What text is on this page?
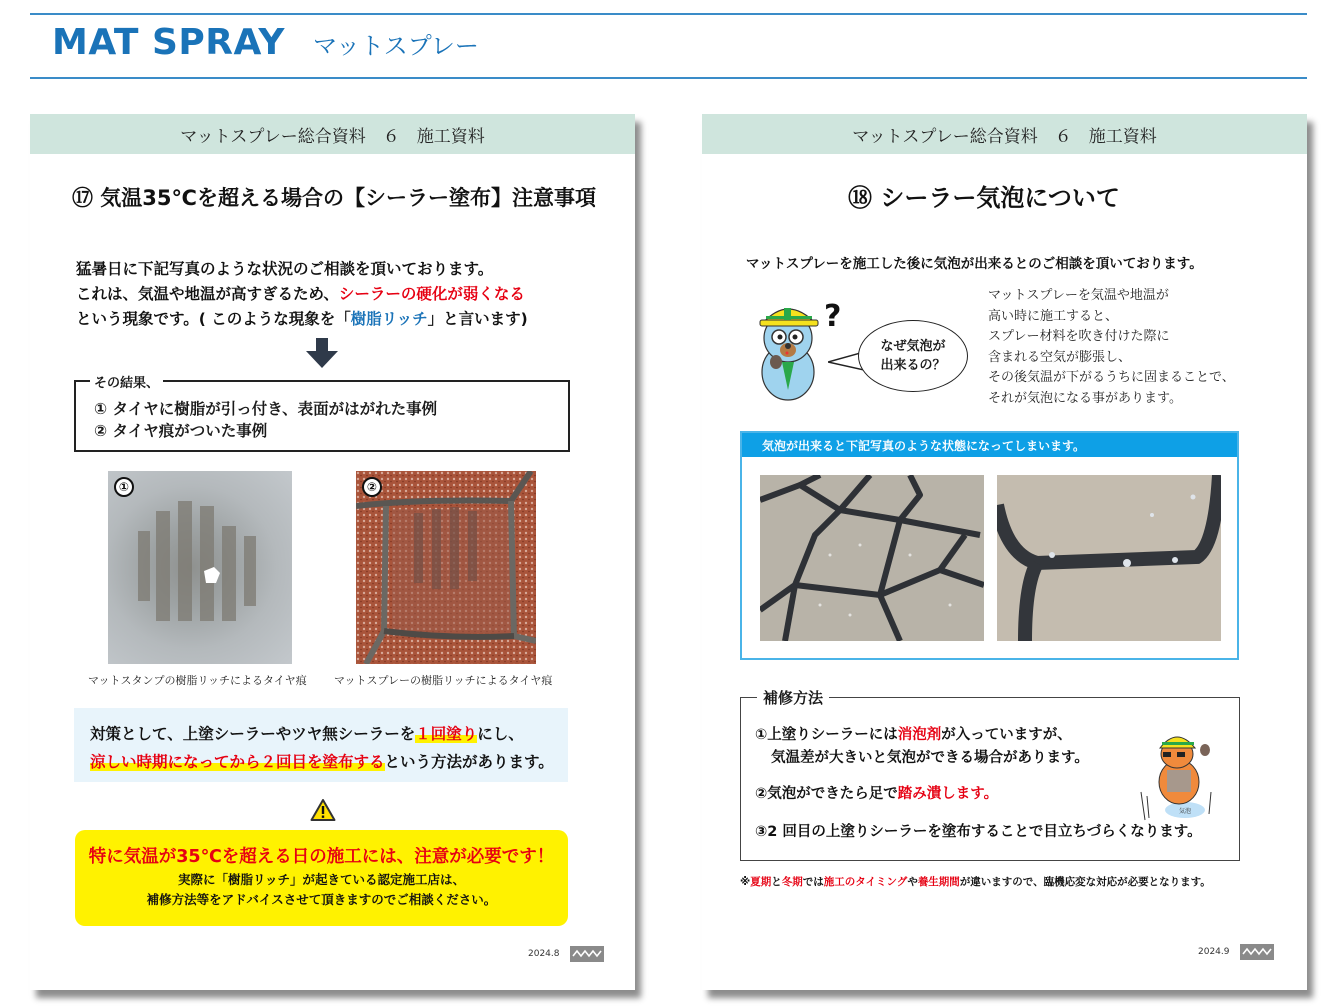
MAT SPRAY マットスプレー
マットスプレー総合資料　６　施工資料
⑰ 気温35℃を超える場合の【シーラー塗布】注意事項
猛暑日に下記写真のような状況のご相談を頂いております。
これは、気温や地温が高すぎるため、シーラーの硬化が弱くなる
という現象です。( このような現象を「樹脂リッチ」と言います)
その結果、
① タイヤに樹脂が引っ付き、表面がはがれた事例
② タイヤ痕がついた事例
①
マットスタンプの樹脂リッチによるタイヤ痕
②
マットスプレーの樹脂リッチによるタイヤ痕
対策として、上塗シーラーやツヤ無シーラーを１回塗りにし、
涼しい時期になってから２回目を塗布するという方法があります。
特に気温が35℃を超える日の施工には、注意が必要です！
実際に「樹脂リッチ」が起きている認定施工店は、
補修方法等をアドバイスさせて頂きますのでご相談ください。
2024.8
マットスプレー総合資料　６　施工資料
⑱ シーラー気泡について
マットスプレーを施工した後に気泡が出来るとのご相談を頂いております。
?
なぜ気泡が
出来るの？
マットスプレーを気温や地温が
高い時に施工すると、
スプレー材料を吹き付けた際に
含まれる空気が膨張し、
その後気温が下がるうちに固まることで、
それが気泡になる事があります。
気泡が出来ると下記写真のような状態になってしまいます。
補修方法
①上塗りシーラーには消泡剤が入っていますが、
気温差が大きいと気泡ができる場合があります。
②気泡ができたら足で踏み潰します。
③2 回目の上塗りシーラーを塗布することで目立ちづらくなります。
気泡
※夏期と冬期では施工のタイミングや養生期間が違いますので、臨機応変な対応が必要となります。
2024.9
